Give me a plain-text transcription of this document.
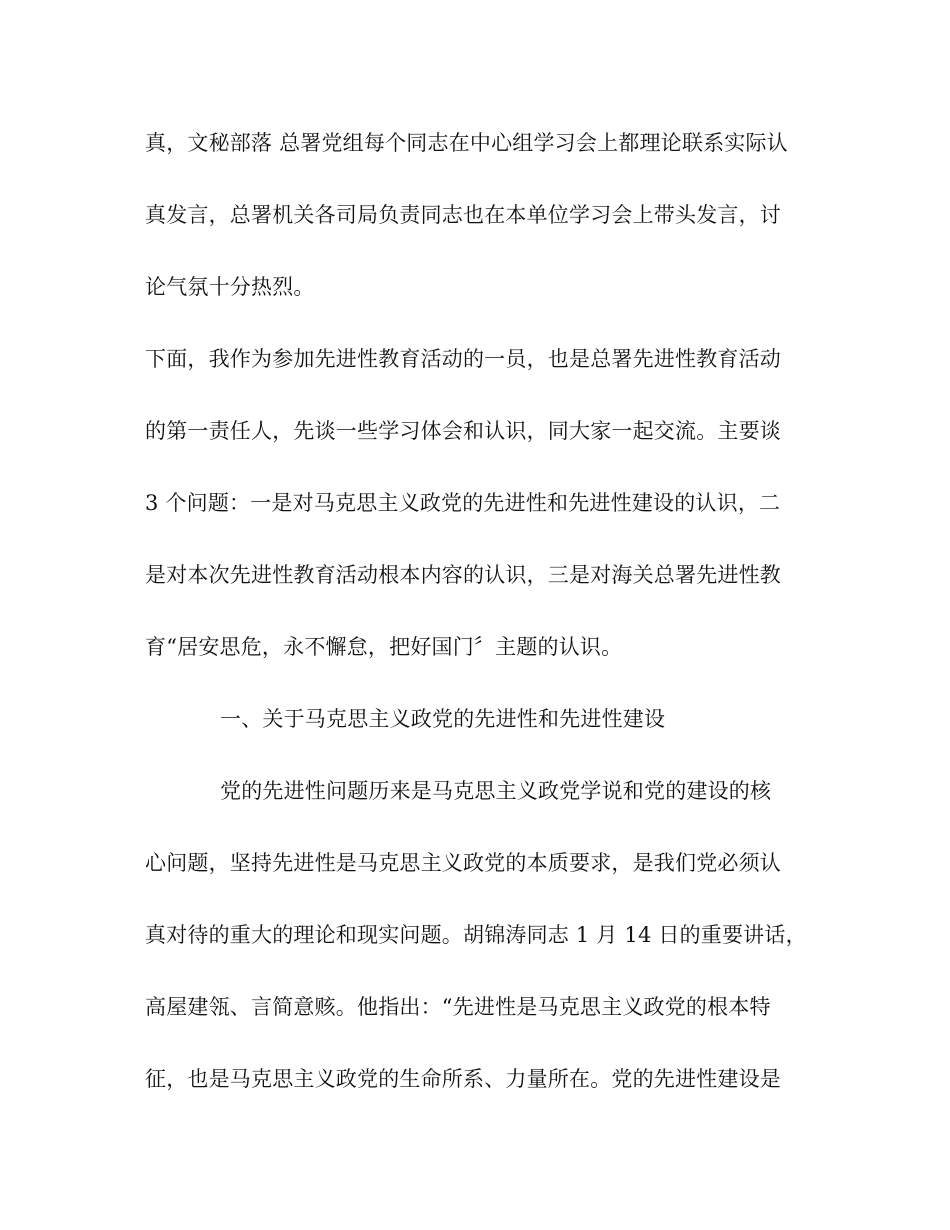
真，文秘部落 总署党组每个同志在中心组学习会上都理论联系实际认
真发言，总署机关各司局负责同志也在本单位学习会上带头发言，讨
论气氛十分热烈。
下面，我作为参加先进性教育活动的一员，也是总署先进性教育活动
的第一责任人，先谈一些学习体会和认识，同大家一起交流。主要谈
3 个问题：一是对马克思主义政党的先进性和先进性建设的认识，二
是对本次先进性教育活动根本内容的认识，三是对海关总署先进性教
育“居安思危，永不懈怠，把好国门〞主题的认识。
一、关于马克思主义政党的先进性和先进性建设
党的先进性问题历来是马克思主义政党学说和党的建设的核
心问题，坚持先进性是马克思主义政党的本质要求，是我们党必须认
真对待的重大的理论和现实问题。胡锦涛同志 1 月 14 日的重要讲话，
高屋建瓴、言简意赅。他指出：“先进性是马克思主义政党的根本特
征，也是马克思主义政党的生命所系、力量所在。党的先进性建设是
